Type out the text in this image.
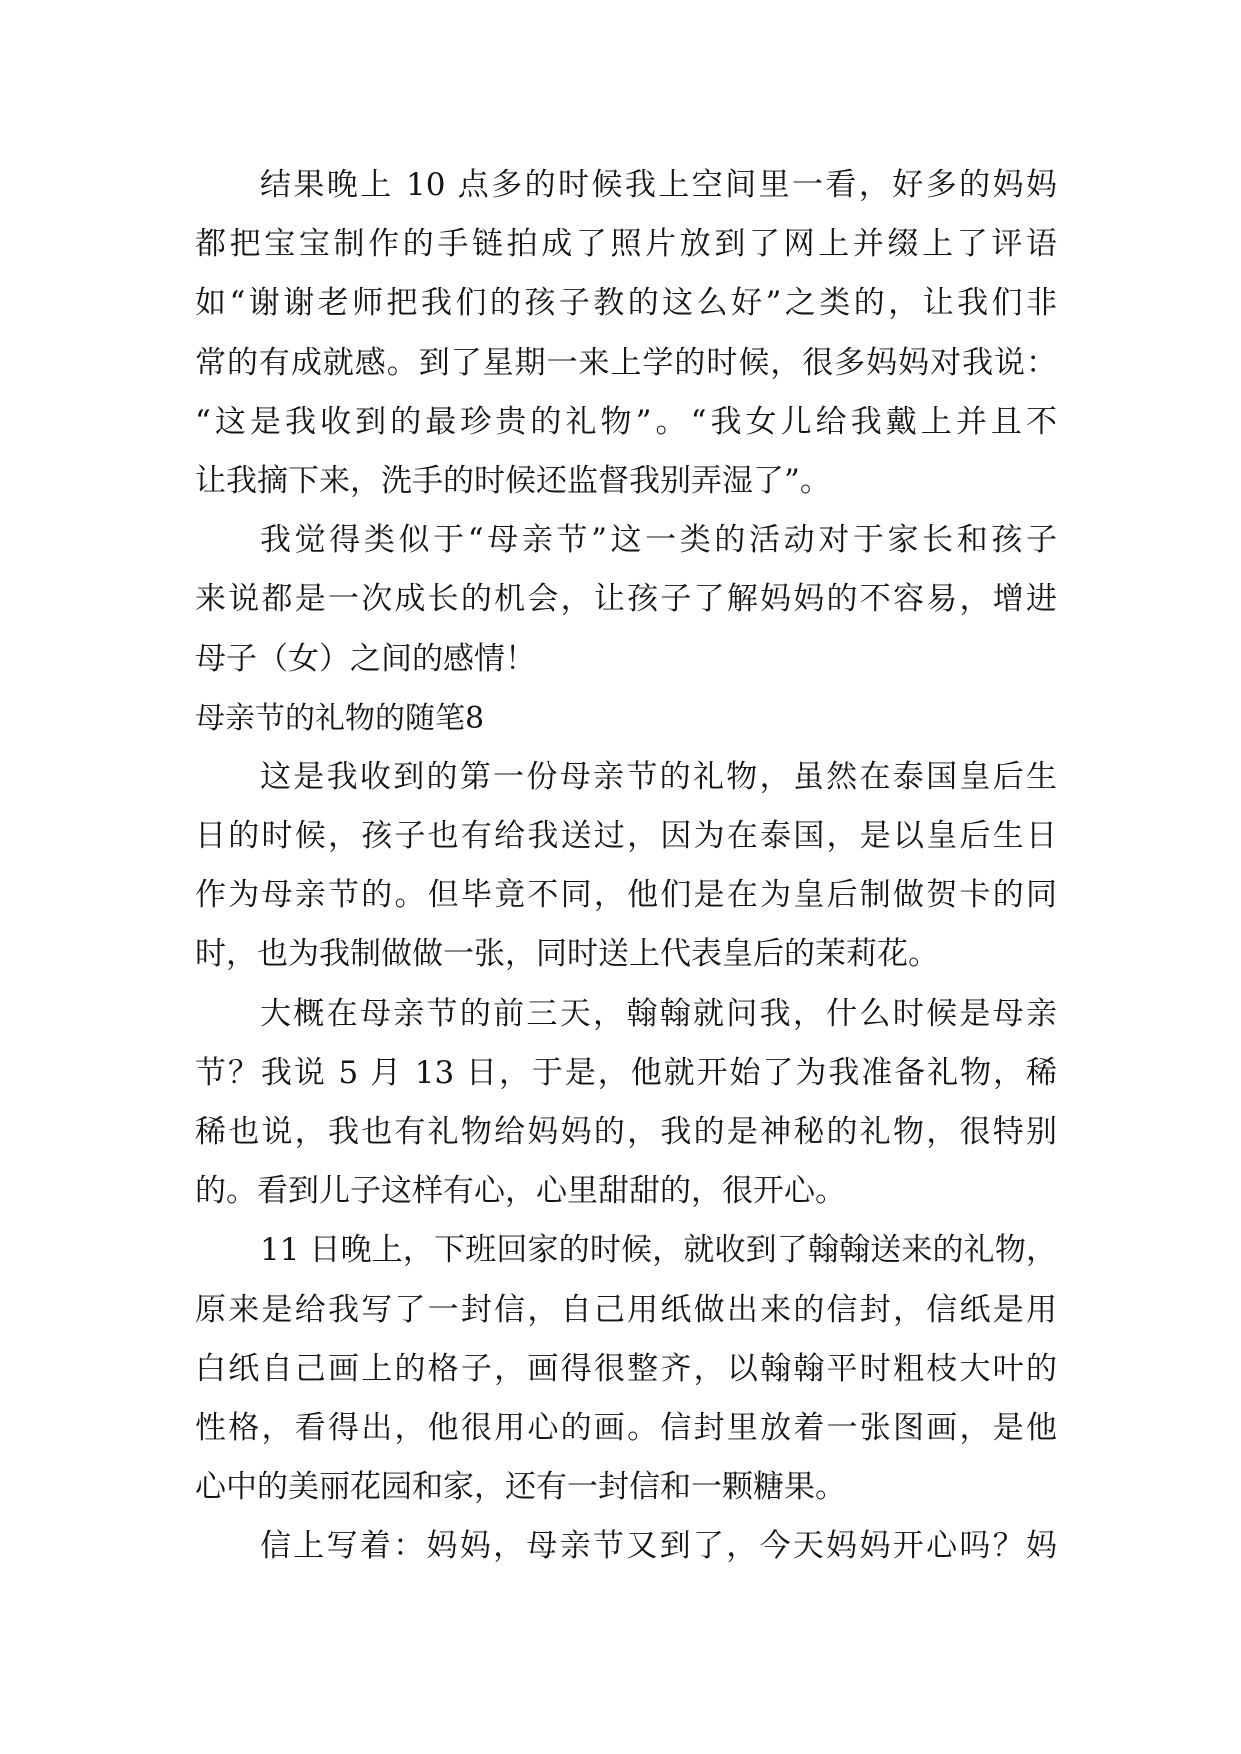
结果晚上 10 点多的时候我上空间里一看，好多的妈妈
都把宝宝制作的手链拍成了照片放到了网上并缀上了评语
如“谢谢老师把我们的孩子教的这么好”之类的，让我们非
常的有成就感。到了星期一来上学的时候，很多妈妈对我说：
“这是我收到的最珍贵的礼物”。“我女儿给我戴上并且不
让我摘下来，洗手的时候还监督我别弄湿了”。
我觉得类似于“母亲节”这一类的活动对于家长和孩子
来说都是一次成长的机会，让孩子了解妈妈的不容易，增进
母子（女）之间的感情！
母亲节的礼物的随笔8
这是我收到的第一份母亲节的礼物，虽然在泰国皇后生
日的时候，孩子也有给我送过，因为在泰国，是以皇后生日
作为母亲节的。但毕竟不同，他们是在为皇后制做贺卡的同
时，也为我制做做一张，同时送上代表皇后的茉莉花。
大概在母亲节的前三天，翰翰就问我，什么时候是母亲
节？我说 5 月 13 日，于是，他就开始了为我准备礼物，稀
稀也说，我也有礼物给妈妈的，我的是神秘的礼物，很特别
的。看到儿子这样有心，心里甜甜的，很开心。
11 日晚上，下班回家的时候，就收到了翰翰送来的礼物，
原来是给我写了一封信，自己用纸做出来的信封，信纸是用
白纸自己画上的格子，画得很整齐，以翰翰平时粗枝大叶的
性格，看得出，他很用心的画。信封里放着一张图画，是他
心中的美丽花园和家，还有一封信和一颗糖果。
信上写着：妈妈，母亲节又到了，今天妈妈开心吗？妈
